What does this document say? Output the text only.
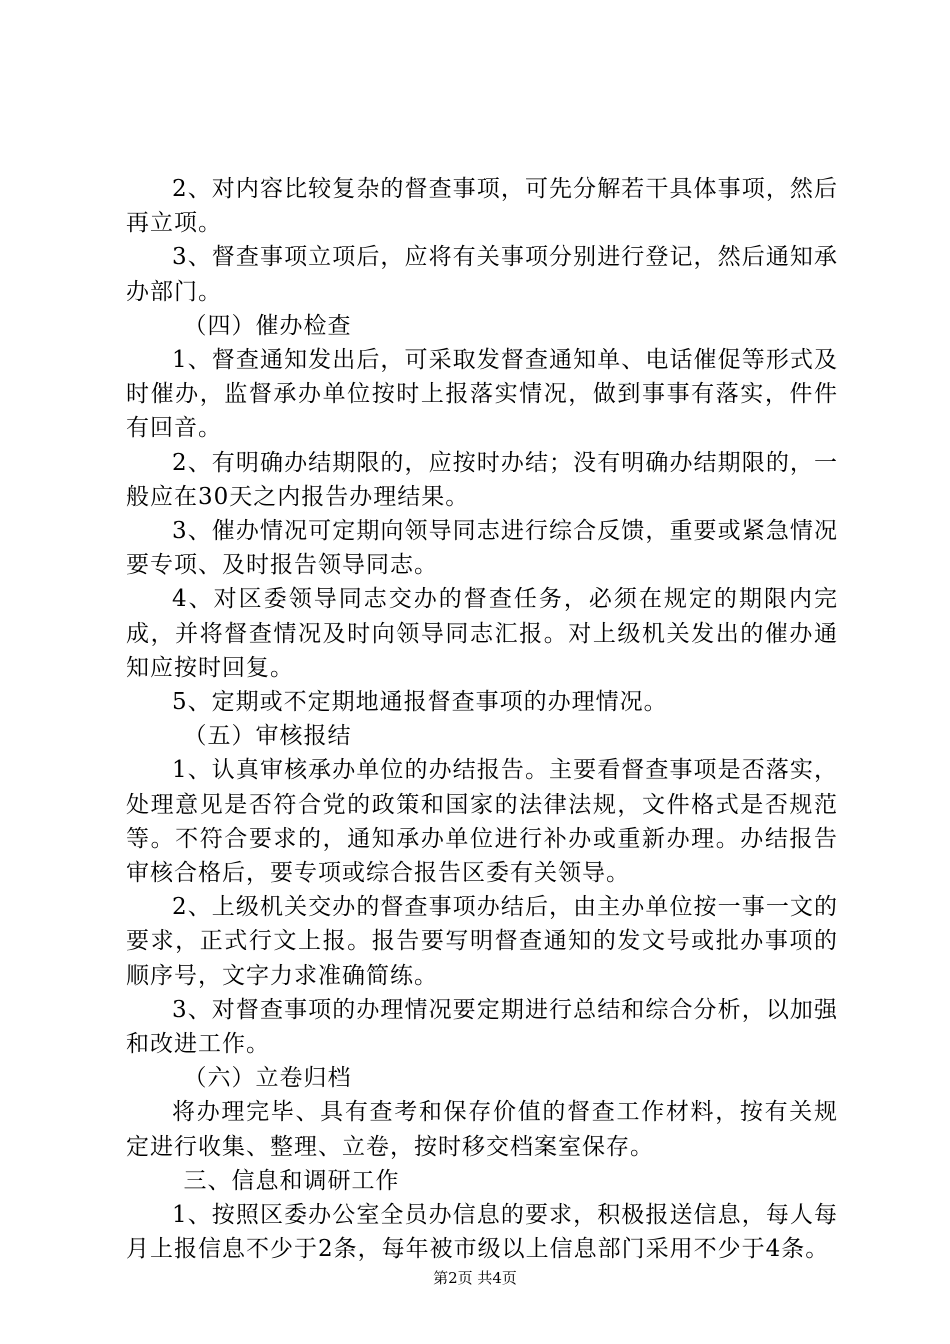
2、对内容比较复杂的督查事项，可先分解若干具体事项，然后再立项。

3、督查事项立项后，应将有关事项分别进行登记，然后通知承办部门。

（四）催办检查

1、督查通知发出后，可采取发督查通知单、电话催促等形式及时催办，监督承办单位按时上报落实情况，做到事事有落实，件件有回音。

2、有明确办结期限的，应按时办结；没有明确办结期限的，一般应在30天之内报告办理结果。

3、催办情况可定期向领导同志进行综合反馈，重要或紧急情况要专项、及时报告领导同志。

4、对区委领导同志交办的督查任务，必须在规定的期限内完成，并将督查情况及时向领导同志汇报。对上级机关发出的催办通知应按时回复。

5、定期或不定期地通报督查事项的办理情况。

（五）审核报结

1、认真审核承办单位的办结报告。主要看督查事项是否落实，处理意见是否符合党的政策和国家的法律法规，文件格式是否规范等。不符合要求的，通知承办单位进行补办或重新办理。办结报告审核合格后，要专项或综合报告区委有关领导。

2、上级机关交办的督查事项办结后，由主办单位按一事一文的要求，正式行文上报。报告要写明督查通知的发文号或批办事项的顺序号，文字力求准确简练。

3、对督查事项的办理情况要定期进行总结和综合分析，以加强和改进工作。

（六）立卷归档

将办理完毕、具有查考和保存价值的督查工作材料，按有关规定进行收集、整理、立卷，按时移交档案室保存。

三、信息和调研工作

1、按照区委办公室全员办信息的要求，积极报送信息，每人每月上报信息不少于2条，每年被市级以上信息部门采用不少于4条。

第2页 共4页
